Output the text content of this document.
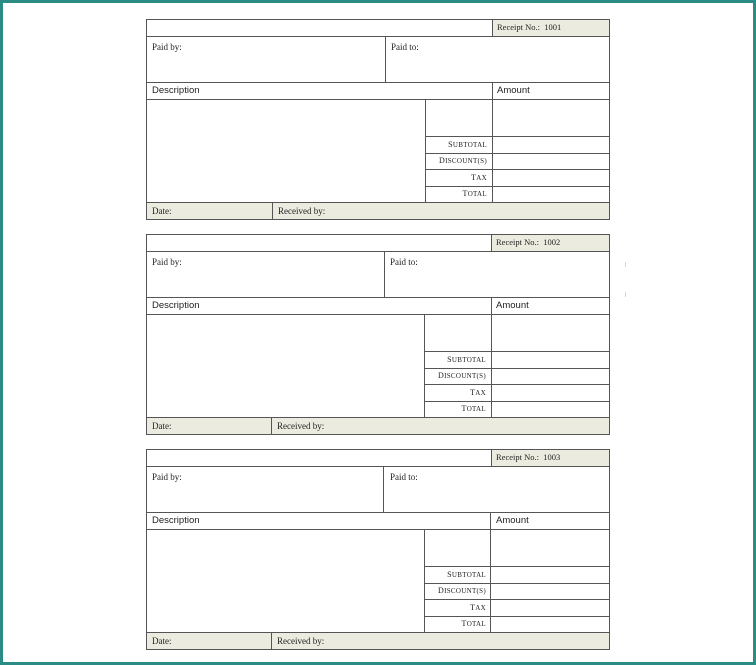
Receipt No.: 1001
Paid by:	Paid to:
Description	Amount
SUBTOTAL
DISCOUNT(S)
TAX
TOTAL
Date:	Received by:
Receipt No.: 1002
Paid by:	Paid to:
Description	Amount
SUBTOTAL
DISCOUNT(S)
TAX
TOTAL
Date:	Received by:
Receipt No.: 1003
Paid by:	Paid to:
Description	Amount
SUBTOTAL
DISCOUNT(S)
TAX
TOTAL
Date:	Received by:
